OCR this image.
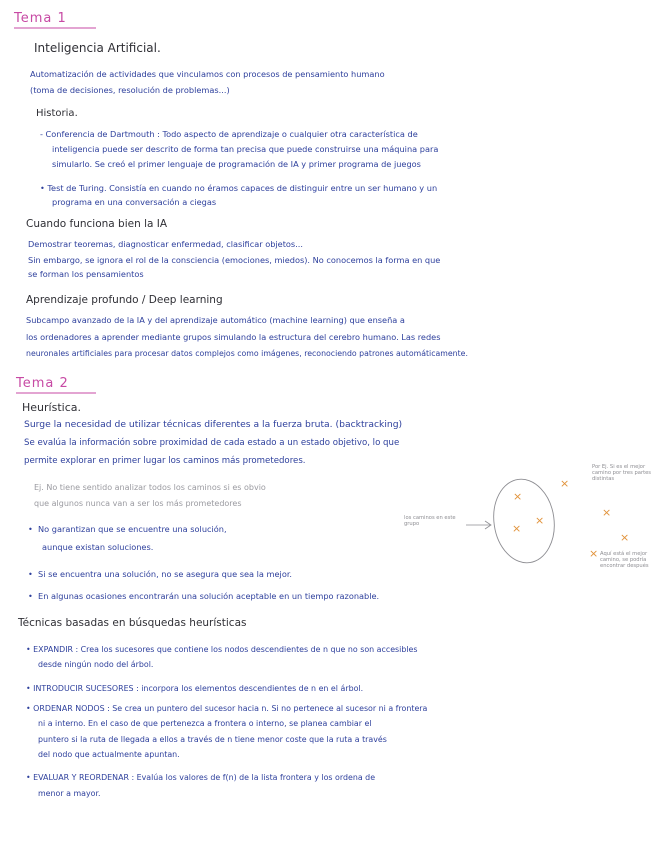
Tema 1
Inteligencia Artificial.
Automatización de actividades que vinculamos con procesos de pensamiento humano
(toma de decisiones, resolución de problemas...)
Historia.
- Conferencia de Dartmouth : Todo aspecto de aprendizaje o cualquier otra característica de
inteligencia puede ser descrito de forma tan precisa que puede construirse una máquina para
simularlo. Se creó el primer lenguaje de programación de IA y primer programa de juegos
• Test de Turing. Consistía en cuando no éramos capaces de distinguir entre un ser humano y un
programa en una conversación a ciegas
Cuando funciona bien la IA
Demostrar teoremas, diagnosticar enfermedad, clasificar objetos...
Sin embargo, se ignora el rol de la consciencia (emociones, miedos). No conocemos la forma en que
se forman los pensamientos
Aprendizaje profundo / Deep learning
Subcampo avanzado de la IA y del aprendizaje automático (machine learning) que enseña a
los ordenadores a aprender mediante grupos simulando la estructura del cerebro humano. Las redes
neuronales artificiales para procesar datos complejos como imágenes, reconociendo patrones automáticamente.
Tema 2
Heurística.
Surge la necesidad de utilizar técnicas diferentes a la fuerza bruta. (backtracking)
Se evalúa la información sobre proximidad de cada estado a un estado objetivo, lo que
permite explorar en primer lugar los caminos más prometedores.
Ej. No tiene sentido analizar todos los caminos si es obvio
que algunos nunca van a ser los más prometedores
•  No garantizan que se encuentre una solución,
aunque existan soluciones.
•  Si se encuentra una solución, no se asegura que sea la mejor.
•  En algunas ocasiones encontrarán una solución aceptable en un tiempo razonable.
los caminos en este grupo
×
×
×
×
×
×
×
Por Ej. Si es el mejor camino por tres partes distintas
Aquí está el mejor camino, se podría encontrar después
Técnicas basadas en búsquedas heurísticas
• EXPANDIR : Crea los sucesores que contiene los nodos descendientes de n que no son accesibles
desde ningún nodo del árbol.
• INTRODUCIR SUCESORES : incorpora los elementos descendientes de n en el árbol.
• ORDENAR NODOS : Se crea un puntero del sucesor hacia n. Si no pertenece al sucesor ni a frontera
ni a interno. En el caso de que pertenezca a frontera o interno, se planea cambiar el
puntero si la ruta de llegada a ellos a través de n tiene menor coste que la ruta a través
del nodo que actualmente apuntan.
• EVALUAR Y REORDENAR : Evalúa los valores de f(n) de la lista frontera y los ordena de
menor a mayor.
